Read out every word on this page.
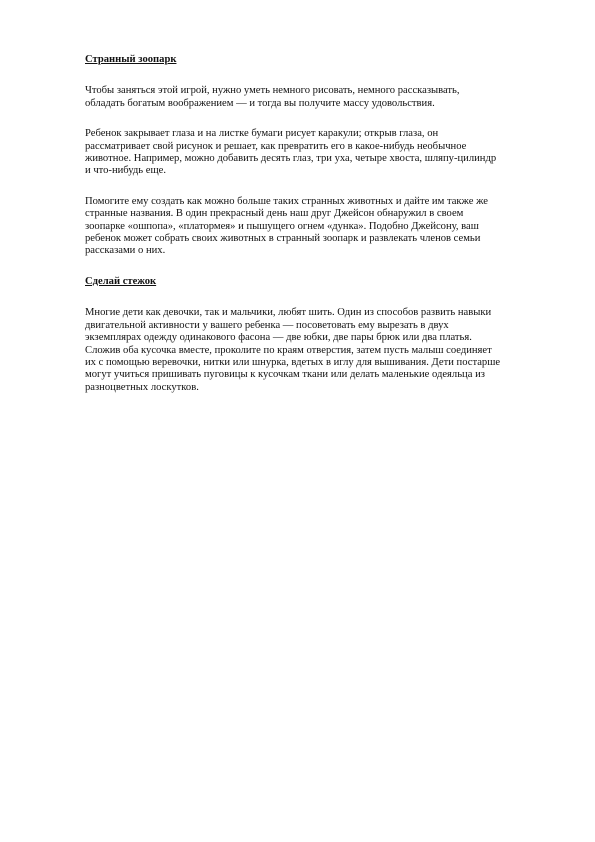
Странный зоопарк
Чтобы заняться этой игрой, нужно уметь немного рисовать, немного рассказывать,
обладать богатым воображением — и тогда вы получите массу удовольствия.
Ребенок закрывает глаза и на листке бумаги рисует каракули; открыв глаза, он
рассматривает свой рисунок и решает, как превратить его в какое-нибудь необычное
животное. Например, можно добавить десять глаз, три уха, четыре хвоста, шляпу-цилиндр
и что-нибудь еще.
Помогите ему создать как можно больше таких странных животных и дайте им также же
странные названия. В один прекрасный день наш друг Джейсон обнаружил в своем
зоопарке «ошпопа», «платормея» и пышущего огнем «дунка». Подобно Джейсону, ваш
ребенок может собрать своих животных в странный зоопарк и развлекать членов семьи
рассказами о них.
Сделай стежок
Многие дети как девочки, так и мальчики, любят шить. Один из способов развить навыки
двигательной активности у вашего ребенка — посоветовать ему вырезать в двух
экземплярах одежду одинакового фасона — две юбки, две пары брюк или два платья.
Сложив оба кусочка вместе, проколите по краям отверстия, затем пусть малыш соединяет
их с помощью веревочки, нитки или шнурка, вдетых в иглу для вышивания. Дети постарше
могут учиться пришивать пуговицы к кусочкам ткани или делать маленькие одеяльца из
разноцветных лоскутков.
